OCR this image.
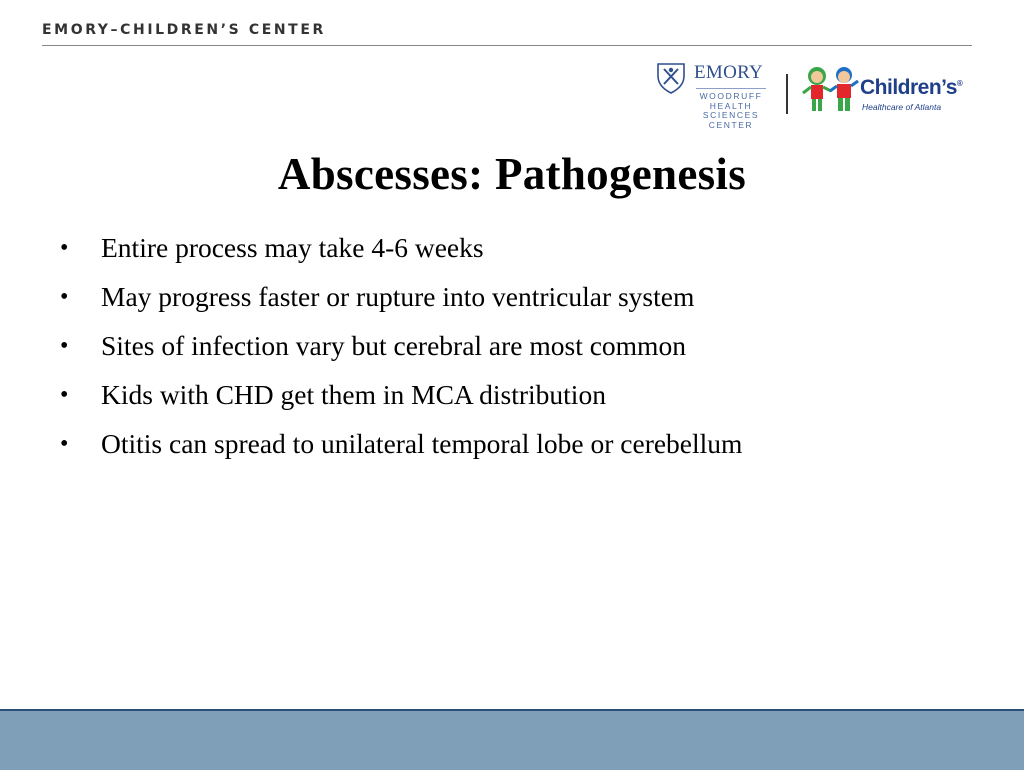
EMORY–CHILDREN’S CENTER
EMORY
WOODRUFF
HEALTH
SCIENCES
CENTER
Children’s®
Healthcare of Atlanta
Abscesses: Pathogenesis
• Entire process may take 4-6 weeks
• May progress faster or rupture into ventricular system
• Sites of infection vary but cerebral are most common
• Kids with CHD get them in MCA distribution
• Otitis can spread to unilateral temporal lobe or cerebellum
